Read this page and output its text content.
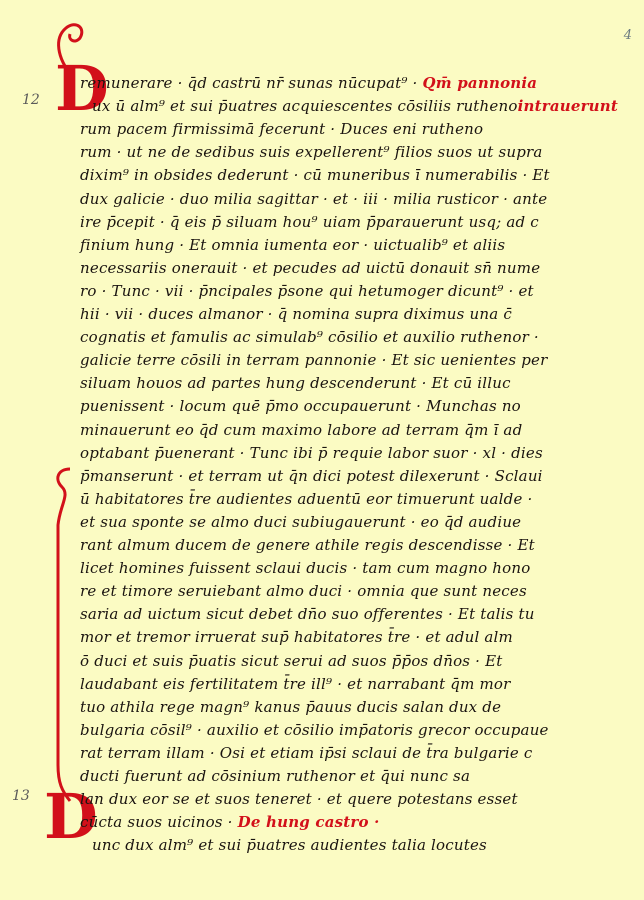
4
12
13
D
D
remunerare · q̄d castrū nr̄ sunas nūcupat⁹ · Qm̄ pannonia
ux ū alm⁹ et sui p̄uatres acquiescentes cōsiliis ruthenointrauerunt
rum pacem firmissimā fecerunt · Duces eni rutheno
rum · ut ne de sedibus suis expellerent⁹ filios suos ut supra
dixim⁹ in obsides dederunt · cū muneribus ī numerabilis · Et
dux galicie · duo milia sagittar · et · iii · milia rusticor · ante
ire p̄cepit · q̄ eis p̄ siluam hou⁹ uiam p̄parauerunt usq; ad c
finium hung · Et omnia iumenta eor · uictualib⁹ et aliis
necessariis onerauit · et pecudes ad uictū donauit sn̄ nume
ro · Tunc · vii · p̄ncipales p̄sone qui hetumoger dicunt⁹ · et
hii · vii · duces almanor · q̄ nomina supra diximus una c̄
cognatis et famulis ac simulab⁹ cōsilio et auxilio ruthenor ·
galicie terre cōsili in terram pannonie · Et sic uenientes per
siluam houos ad partes hung descenderunt · Et cū illuc
puenissent · locum quē p̄mo occupauerunt · Munchas no
minauerunt eo q̄d cum maximo labore ad terram q̄m ī ad
optabant p̄uenerant · Tunc ibi p̄ requie labor suor · xl · dies
p̄manserunt · et terram ut q̄n dici potest dilexerunt · Sclaui
ū habitatores t̄re audientes aduentū eor timuerunt ualde ·
et sua sponte se almo duci subiugauerunt · eo q̄d audiue
rant almum ducem de genere athile regis descendisse · Et
licet homines fuissent sclaui ducis · tam cum magno hono
re et timore seruiebant almo duci · omnia que sunt neces
saria ad uictum sicut debet dn̄o suo offerentes · Et talis tu
mor et tremor irruerat sup̄ habitatores t̄re · et adul alm
ō duci et suis p̄uatis sicut serui ad suos p̄p̄os dn̄os · Et
laudabant eis fertilitatem t̄re ill⁹ · et narrabant q̄m mor
tuo athila rege magn⁹ kanus p̄auus ducis salan dux de
bulgaria cōsil⁹ · auxilio et cōsilio imp̄atoris grecor occupaue
rat terram illam · Osi et etiam ip̄si sclaui de t̄ra bulgarie c
ducti fuerunt ad cōsinium ruthenor et q̄ui nunc sa
lan dux eor se et suos teneret · et quere potestans esset
cūcta suos uicinos · De hung castro ·
unc dux alm⁹ et sui p̄uatres audientes talia locutes
